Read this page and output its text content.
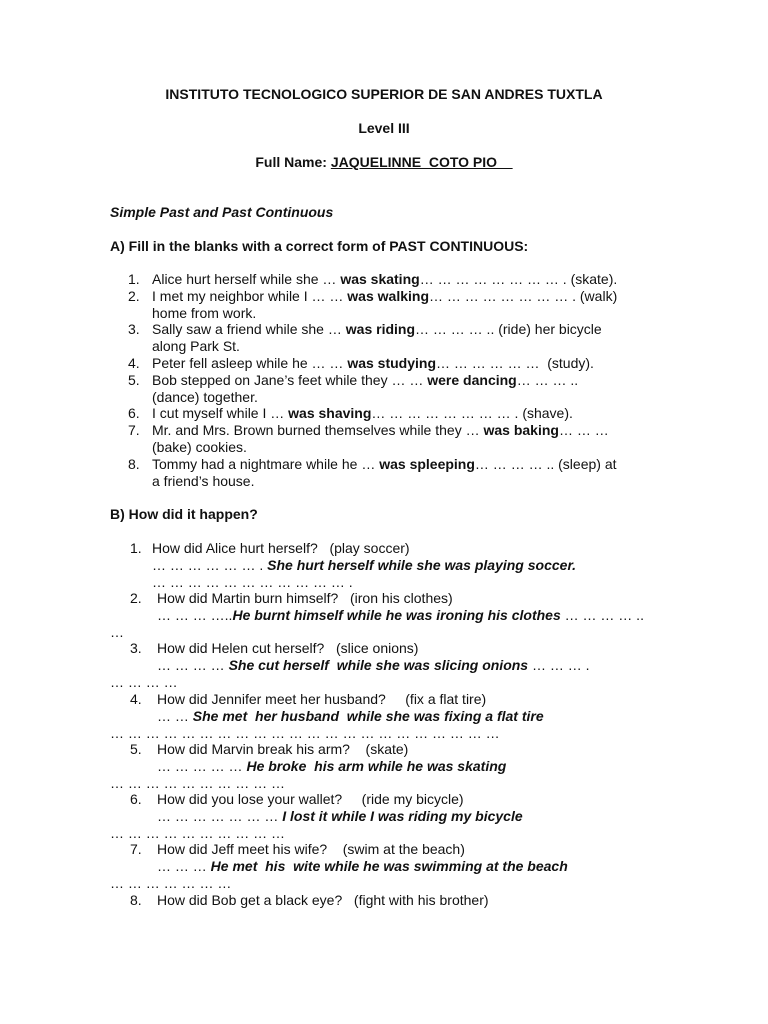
INSTITUTO TECNOLOGICO SUPERIOR DE SAN ANDRES TUXTLA
Level III
Full Name: JAQUELINNE  COTO PIO
Simple Past and Past Continuous
A) Fill in the blanks with a correct form of PAST CONTINUOUS:
1. Alice hurt herself while she … was skating… … … … … … … … . (skate).
2. I met my neighbor while I … … was walking… … … … … … … … . (walk)
home from work.
3. Sally saw a friend while she … was riding… … … … .. (ride) her bicycle
along Park St.
4. Peter fell asleep while he … … was studying… … … … … …  (study).
5. Bob stepped on Jane’s feet while they … … were dancing… … … ..
(dance) together.
6. I cut myself while I … was shaving… … … … … … … … . (shave).
7. Mr. and Mrs. Brown burned themselves while they … was baking… … …
(bake) cookies.
8. Tommy had a nightmare while he … was spleeping… … … … .. (sleep) at
a friend’s house.
B) How did it happen?
1. How did Alice hurt herself? (play soccer)
… … … … … … . She hurt herself while she was playing soccer.
… … … … … … … … … … … .
2. How did Martin burn himself? (iron his clothes)
… … … …..He burnt himself while he was ironing his clothes … … … … ..
…
3. How did Helen cut herself? (slice onions)
… … … … She cut herself  while she was slicing onions … … … .
… … … …
4. How did Jennifer meet her husband? (fix a flat tire)
… … She met  her husband  while she was fixing a flat tire
… … … … … … … … … … … … … … … … … … … … … …
5. How did Marvin break his arm? (skate)
… … … … … He broke  his arm while he was skating
… … … … … … … … … …
6. How did you lose your wallet? (ride my bicycle)
… … … … … … … I lost it while I was riding my bicycle
… … … … … … … … … …
7. How did Jeff meet his wife? (swim at the beach)
… … … He met  his  wite while he was swimming at the beach
… … … … … … …
8. How did Bob get a black eye? (fight with his brother)
